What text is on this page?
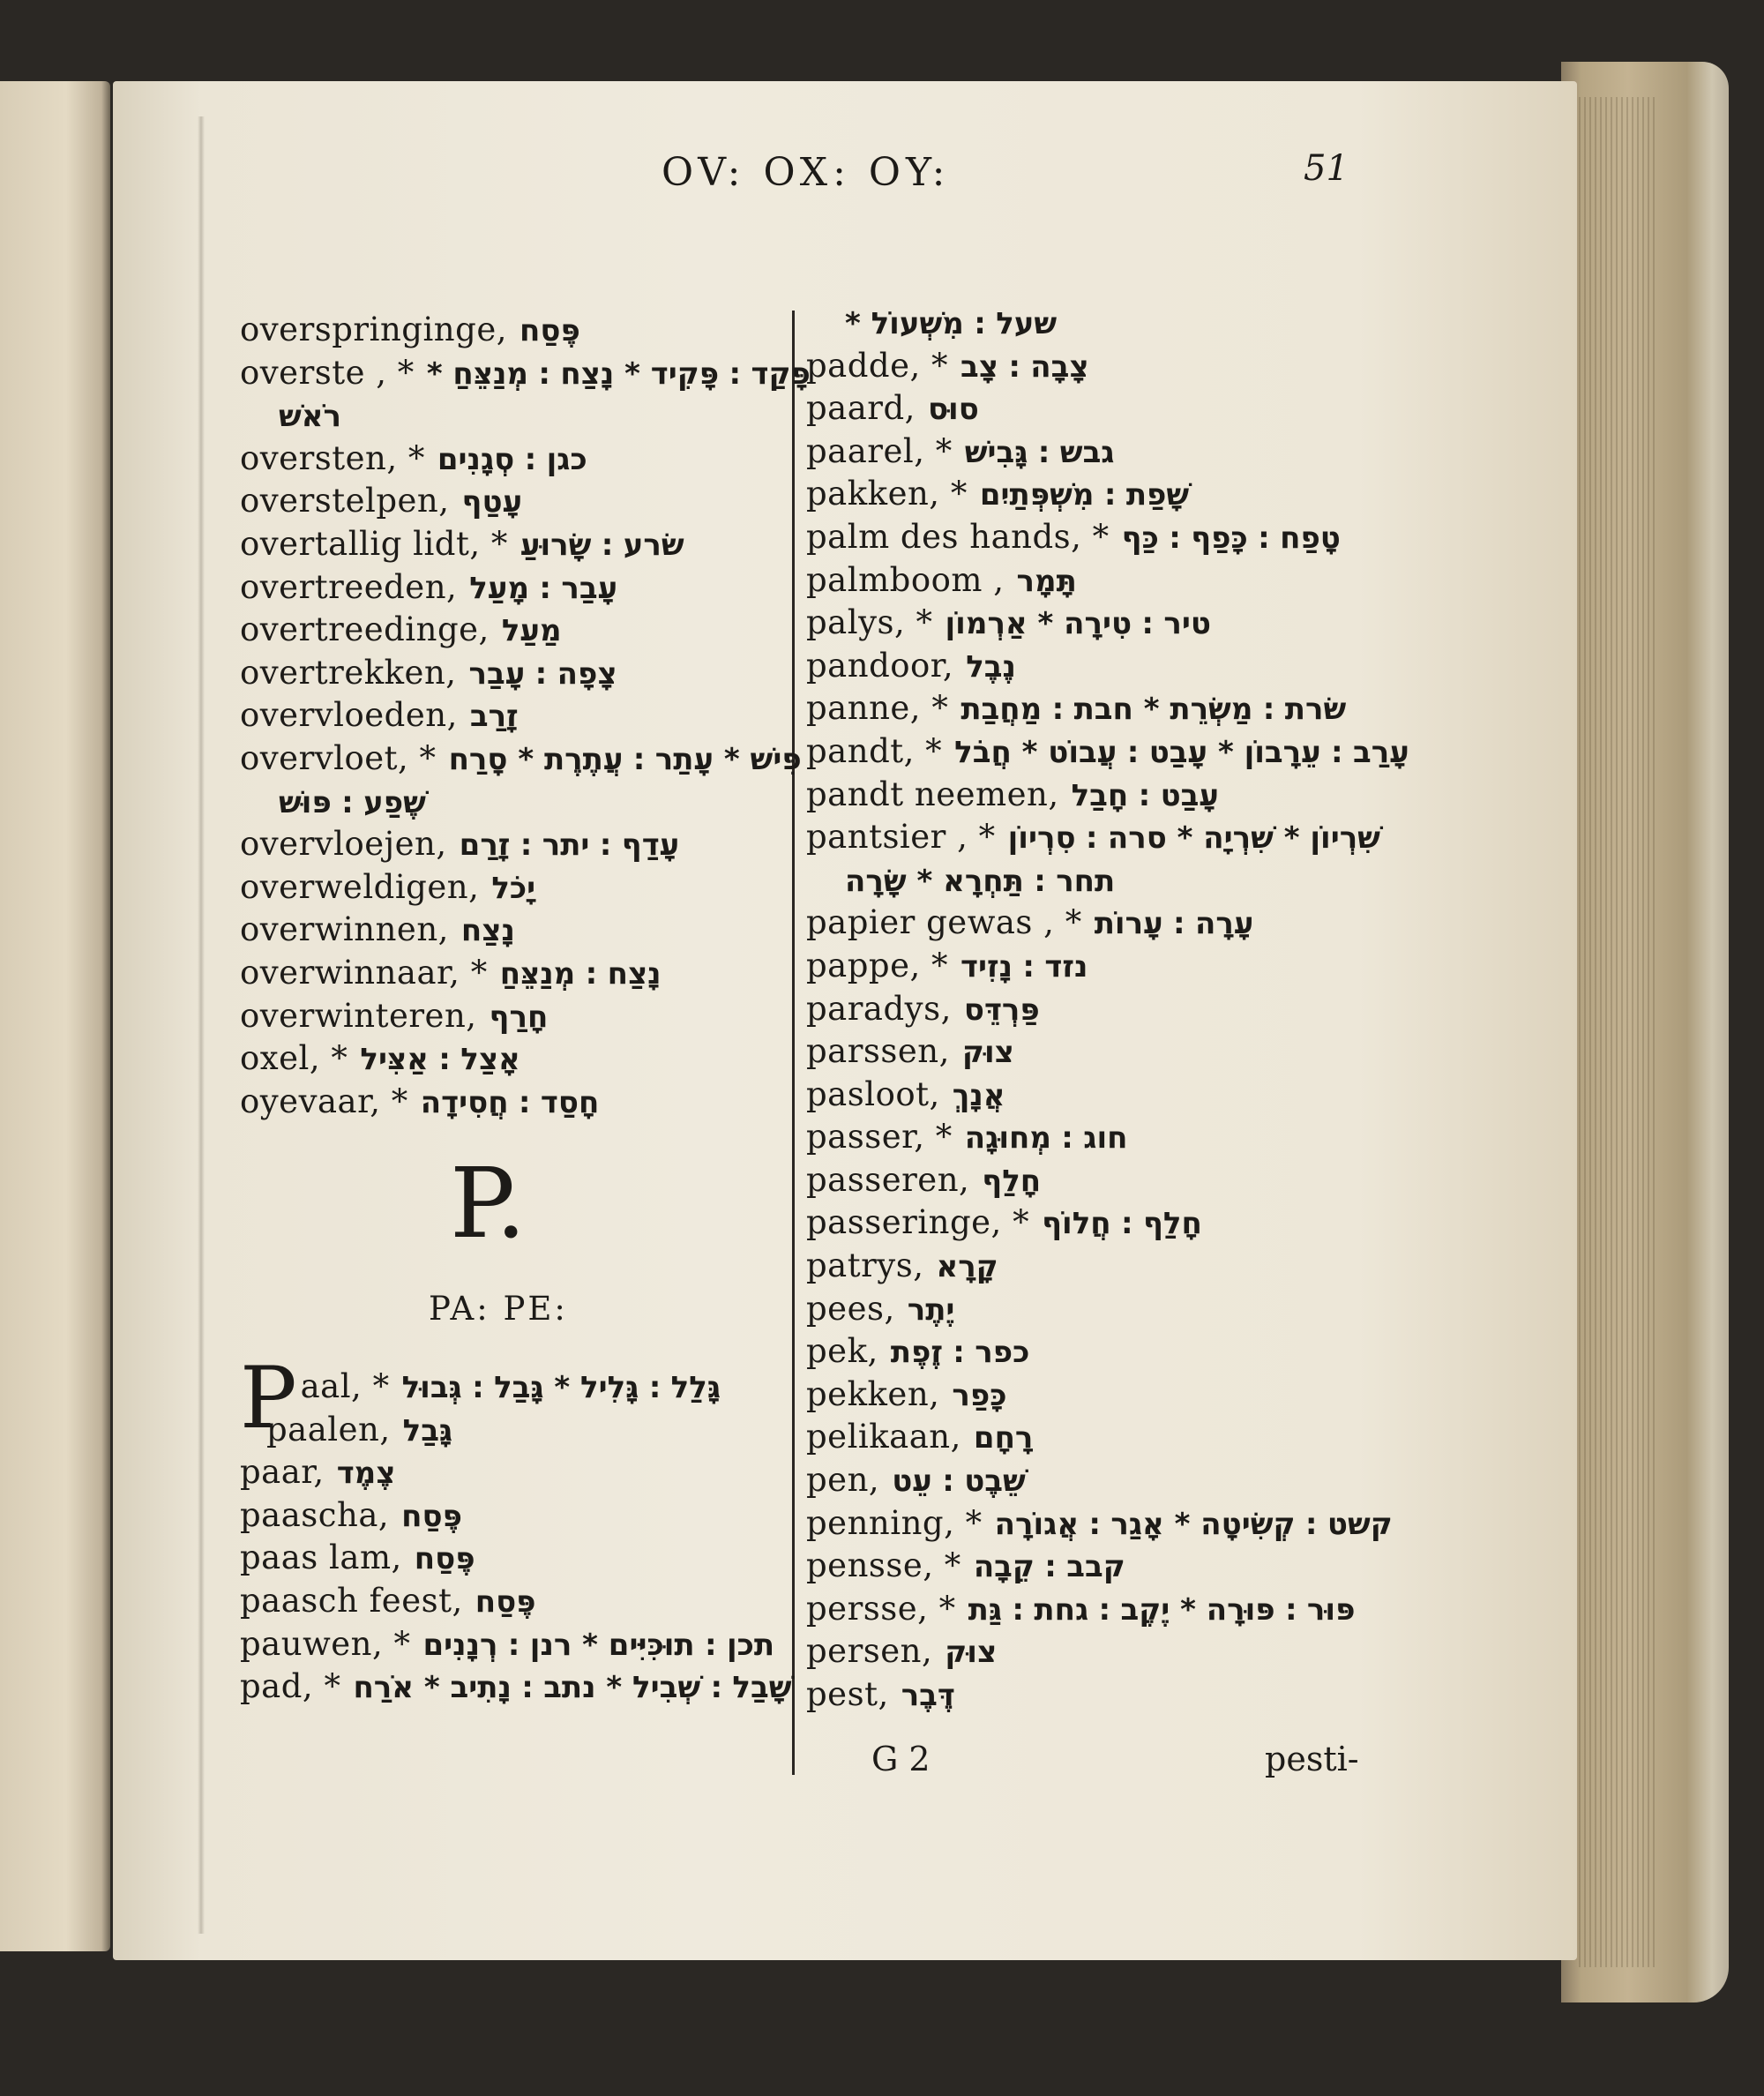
OV: OX: OY:	51
overspringinge, פֶּסַח
overste , * פָּקַד ׃ פָּקִיד * נָצַח ׃ מְנַצֵּחַ *
רֹאשׁ
oversten, * כגן ׃ סְגָנִים
overstelpen, עָטַף
overtallig lidt, * שׂרע ׃ שָׂרוּעַ
overtreeden, עָבַר ׃ מָעַל
overtreedinge, מַעַל
overtrekken, צָפָה ׃ עָבַר
overvloeden, זָרַב
overvloet, * פִּישׁ * עָתַר ׃ עֲתֶרֶת * סָרַח
שֶׁפַע ׃ פּוּשׁ
overvloejen, עָדַף ׃ יתר ׃ זָרַם
overweldigen, יָכֹל
overwinnen, נָצַח
overwinnaar, * נָצַח ׃ מְנַצֵּחַ
overwinteren, חָרַף
oxel, * אָצַל ׃ אַצִּיל
oyevaar, * חָסַד ׃ חֲסִידָה
P.
PA: PE:
Paal, * גָּלַל ׃ גָּלִיל * גָּבַל ׃ גְּבוּל
paalen, גָּבַל
paar, צֶמֶד
paascha, פֶּסַח
paas lam, פֶּסַח
paasch feest, פֶּסַח
pauwen, * תכן ׃ תוּכִּיִּים * רנן ׃ רְנָנִים
pad, * שָׁבַל ׃ שְׁבִיל * נתב ׃ נָתִיב * אֹרַח
שעל ׃ מִשְׁעוֹל *
padde, * צָבָה ׃ צָב
paard, סוּס
paarel, * גבש ׃ גָּבִישׁ
pakken, * שָׁפַת ׃ מִשְׁפְּתַיִם
palm des hands, * טָפַח ׃ כָּפַף ׃ כַּף
palmboom , תָּמָר
palys, * טיר ׃ טִירָה * אַרְמוֹן
pandoor, נֶבֶל
panne, * שׂרת ׃ מַשְׂרֵת * חבת ׃ מַחֲבַת
pandt, * עָרַב ׃ עֵרָבוֹן * עָבַט ׃ עֲבוֹט * חֲבֹל
pandt neemen, עָבַט ׃ חָבַל
pantsier , * שִׁרְיוֹן * שִׁרְיָה * סרה ׃ סִרְיוֹן
תחר ׃ תַּחְרָא * שָׂרָה
papier gewas , * עָרָה ׃ עָרוֹת
pappe, * נזד ׃ נָזִיד
paradys, פַּרְדֵּס
parssen, צוּק
pasloot, אֲנָךְ
passer, * חוג ׃ מְחוּגָה
passeren, חָלַף
passeringe, * חָלַף ׃ חֲלוֹף
patrys, קָרָא
pees, יֶתֶר
pek, כפר ׃ זֶפֶת
pekken, כָּפַר
pelikaan, רָחָם
pen, שֵׁבֶט ׃ עֵט
penning, * קשט ׃ קְשִׂיטָה * אָגַר ׃ אֲגוֹרָה
pensse, * קבב ׃ קֵבָה
persse, * פּוּר ׃ פּוּרָה * יֶקֶב ׃ גחת ׃ גַּת
persen, צוּק
pest, דֶּבֶר
G 2	pesti-
